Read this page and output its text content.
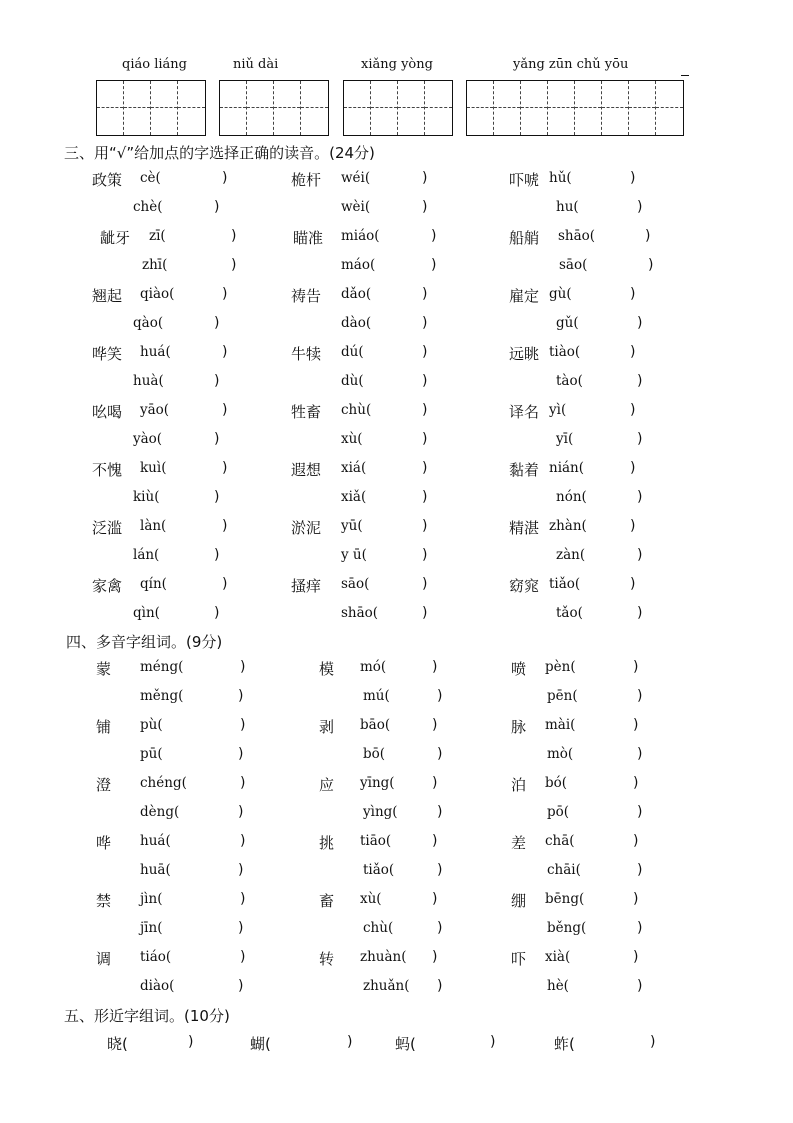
qiáo liáng	niǔ dài	xiǎng yòng	yǎng zūn chǔ yōu
三、用“√”给加点的字选择正确的读音。(24分)
政策 cè(	)
chè(	)
桅杆 wéi(	)
wèi(	)
吓唬 hǔ(	)
hu(	)
龇牙 zī(	)
zhī(	)
瞄准 miáo(	)
máo(	)
船艄 shāo(	)
sāo(	)
翘起 qiào(	)
qào(	)
祷告 dǎo(	)
dào(	)
雇定 gù(	)
gǔ(	)
哗笑 huá(	)
huà(	)
牛犊 dú(	)
dù(	)
远眺 tiào(	)
tào(	)
吆喝 yāo(	)
yào(	)
牲畜 chù(	)
xù(	)
译名 yì(	)
yī(	)
不愧 kuì(	)
kiù(	)
遐想 xiá(	)
xiǎ(	)
黏着 nián(	)
nón(	)
泛滥 làn(	)
lán(	)
淤泥 yū(	)
y ū(	)
精湛 zhàn(	)
zàn(	)
家禽 qín(	)
qìn(	)
搔痒 sāo(	)
shāo(	)
窈窕 tiǎo(	)
tǎo(	)
四、多音字组词。(9分)
蒙 méng(	)
měng(	)
模 mó(	)
mú(	)
喷 pèn(	)
pēn(	)
铺 pù(	)
pū(	)
剥 bāo(	)
bō(	)
脉 mài(	)
mò(	)
澄 chéng(	)
dèng(	)
应 yīng(	)
yìng(	)
泊 bó(	)
pō(	)
哗 huá(	)
huā(	)
挑 tiāo(	)
tiǎo(	)
差 chā(	)
chāi(	)
禁 jìn(	)
jīn(	)
畜 xù(	)
chù(	)
绷 bēng(	)
běng(	)
调 tiáo(	)
diào(	)
转 zhuàn( )
zhuǎn( )
吓 xià(	)
hè(	)
五、形近字组词。(10分)
晓(	)	蝴(	)	蚂(	)	蚱(	)
